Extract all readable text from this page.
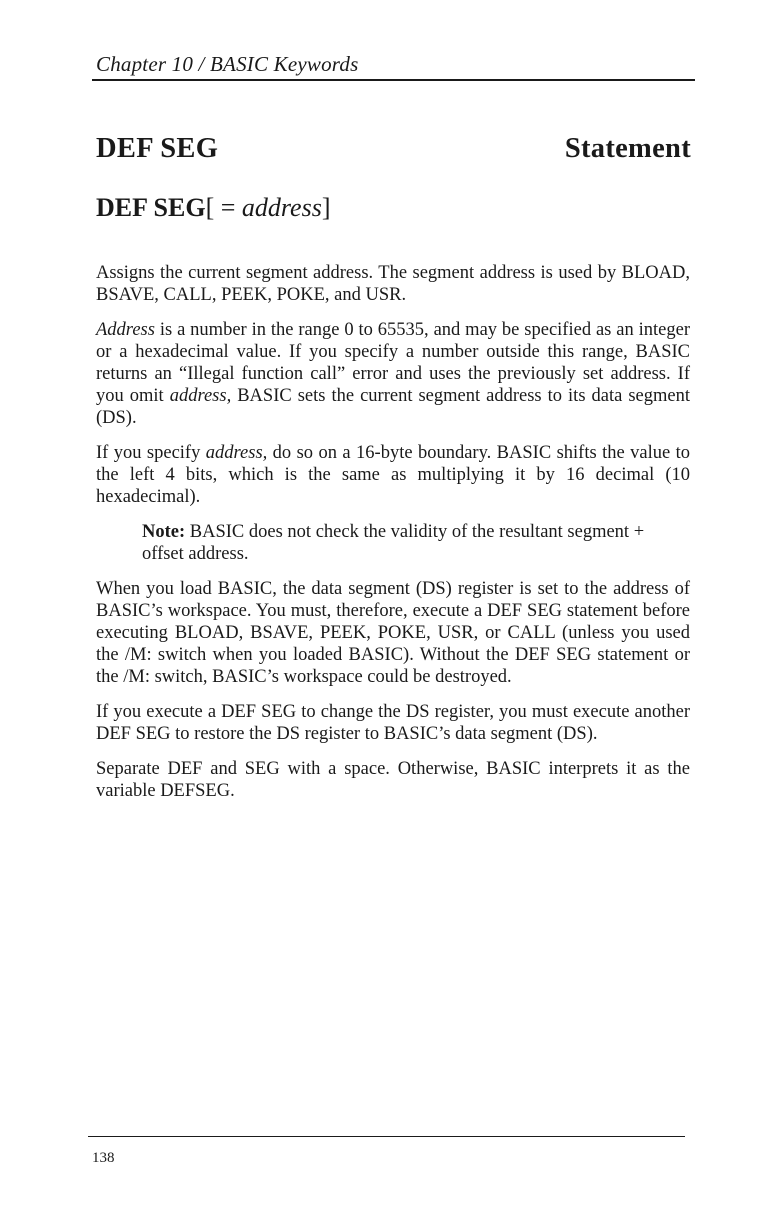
Chapter 10 / BASIC Keywords
DEF SEG	Statement
DEF SEG[ = address]

Assigns the current segment address. The segment address is used by BLOAD, BSAVE, CALL, PEEK, POKE, and USR.

Address is a number in the range 0 to 65535, and may be specified as an integer or a hexadecimal value. If you specify a number outside this range, BASIC returns an “Illegal function call” error and uses the previously set address. If you omit address, BASIC sets the current segment address to its data segment (DS).

If you specify address, do so on a 16-byte boundary. BASIC shifts the value to the left 4 bits, which is the same as multiplying it by 16 decimal (10 hexadecimal).

Note: BASIC does not check the validity of the resultant segment + offset address.

When you load BASIC, the data segment (DS) register is set to the address of BASIC’s workspace. You must, therefore, execute a DEF SEG statement before executing BLOAD, BSAVE, PEEK, POKE, USR, or CALL (unless you used the /M: switch when you loaded BASIC). Without the DEF SEG statement or the /M: switch, BASIC’s workspace could be destroyed.

If you execute a DEF SEG to change the DS register, you must execute another DEF SEG to restore the DS register to BASIC’s data segment (DS).

Separate DEF and SEG with a space. Otherwise, BASIC interprets it as the variable DEFSEG.

138
